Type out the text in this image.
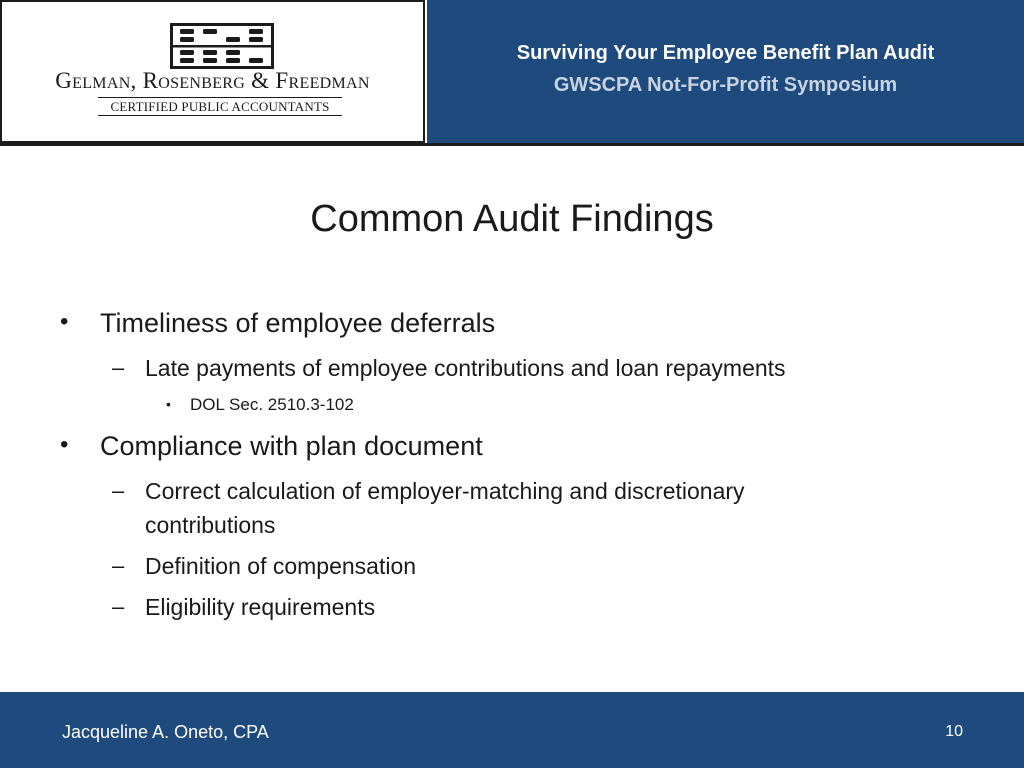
Gelman, Rosenberg & Freedman
CERTIFIED PUBLIC ACCOUNTANTS
Surviving Your Employee Benefit Plan Audit
GWSCPA Not-For-Profit Symposium
Common Audit Findings
• Timeliness of employee deferrals
– Late payments of employee contributions and loan repayments
• DOL Sec. 2510.3-102
• Compliance with plan document
– Correct calculation of employer-matching and discretionary
contributions
– Definition of compensation
– Eligibility requirements
Jacqueline A. Oneto, CPA	10
